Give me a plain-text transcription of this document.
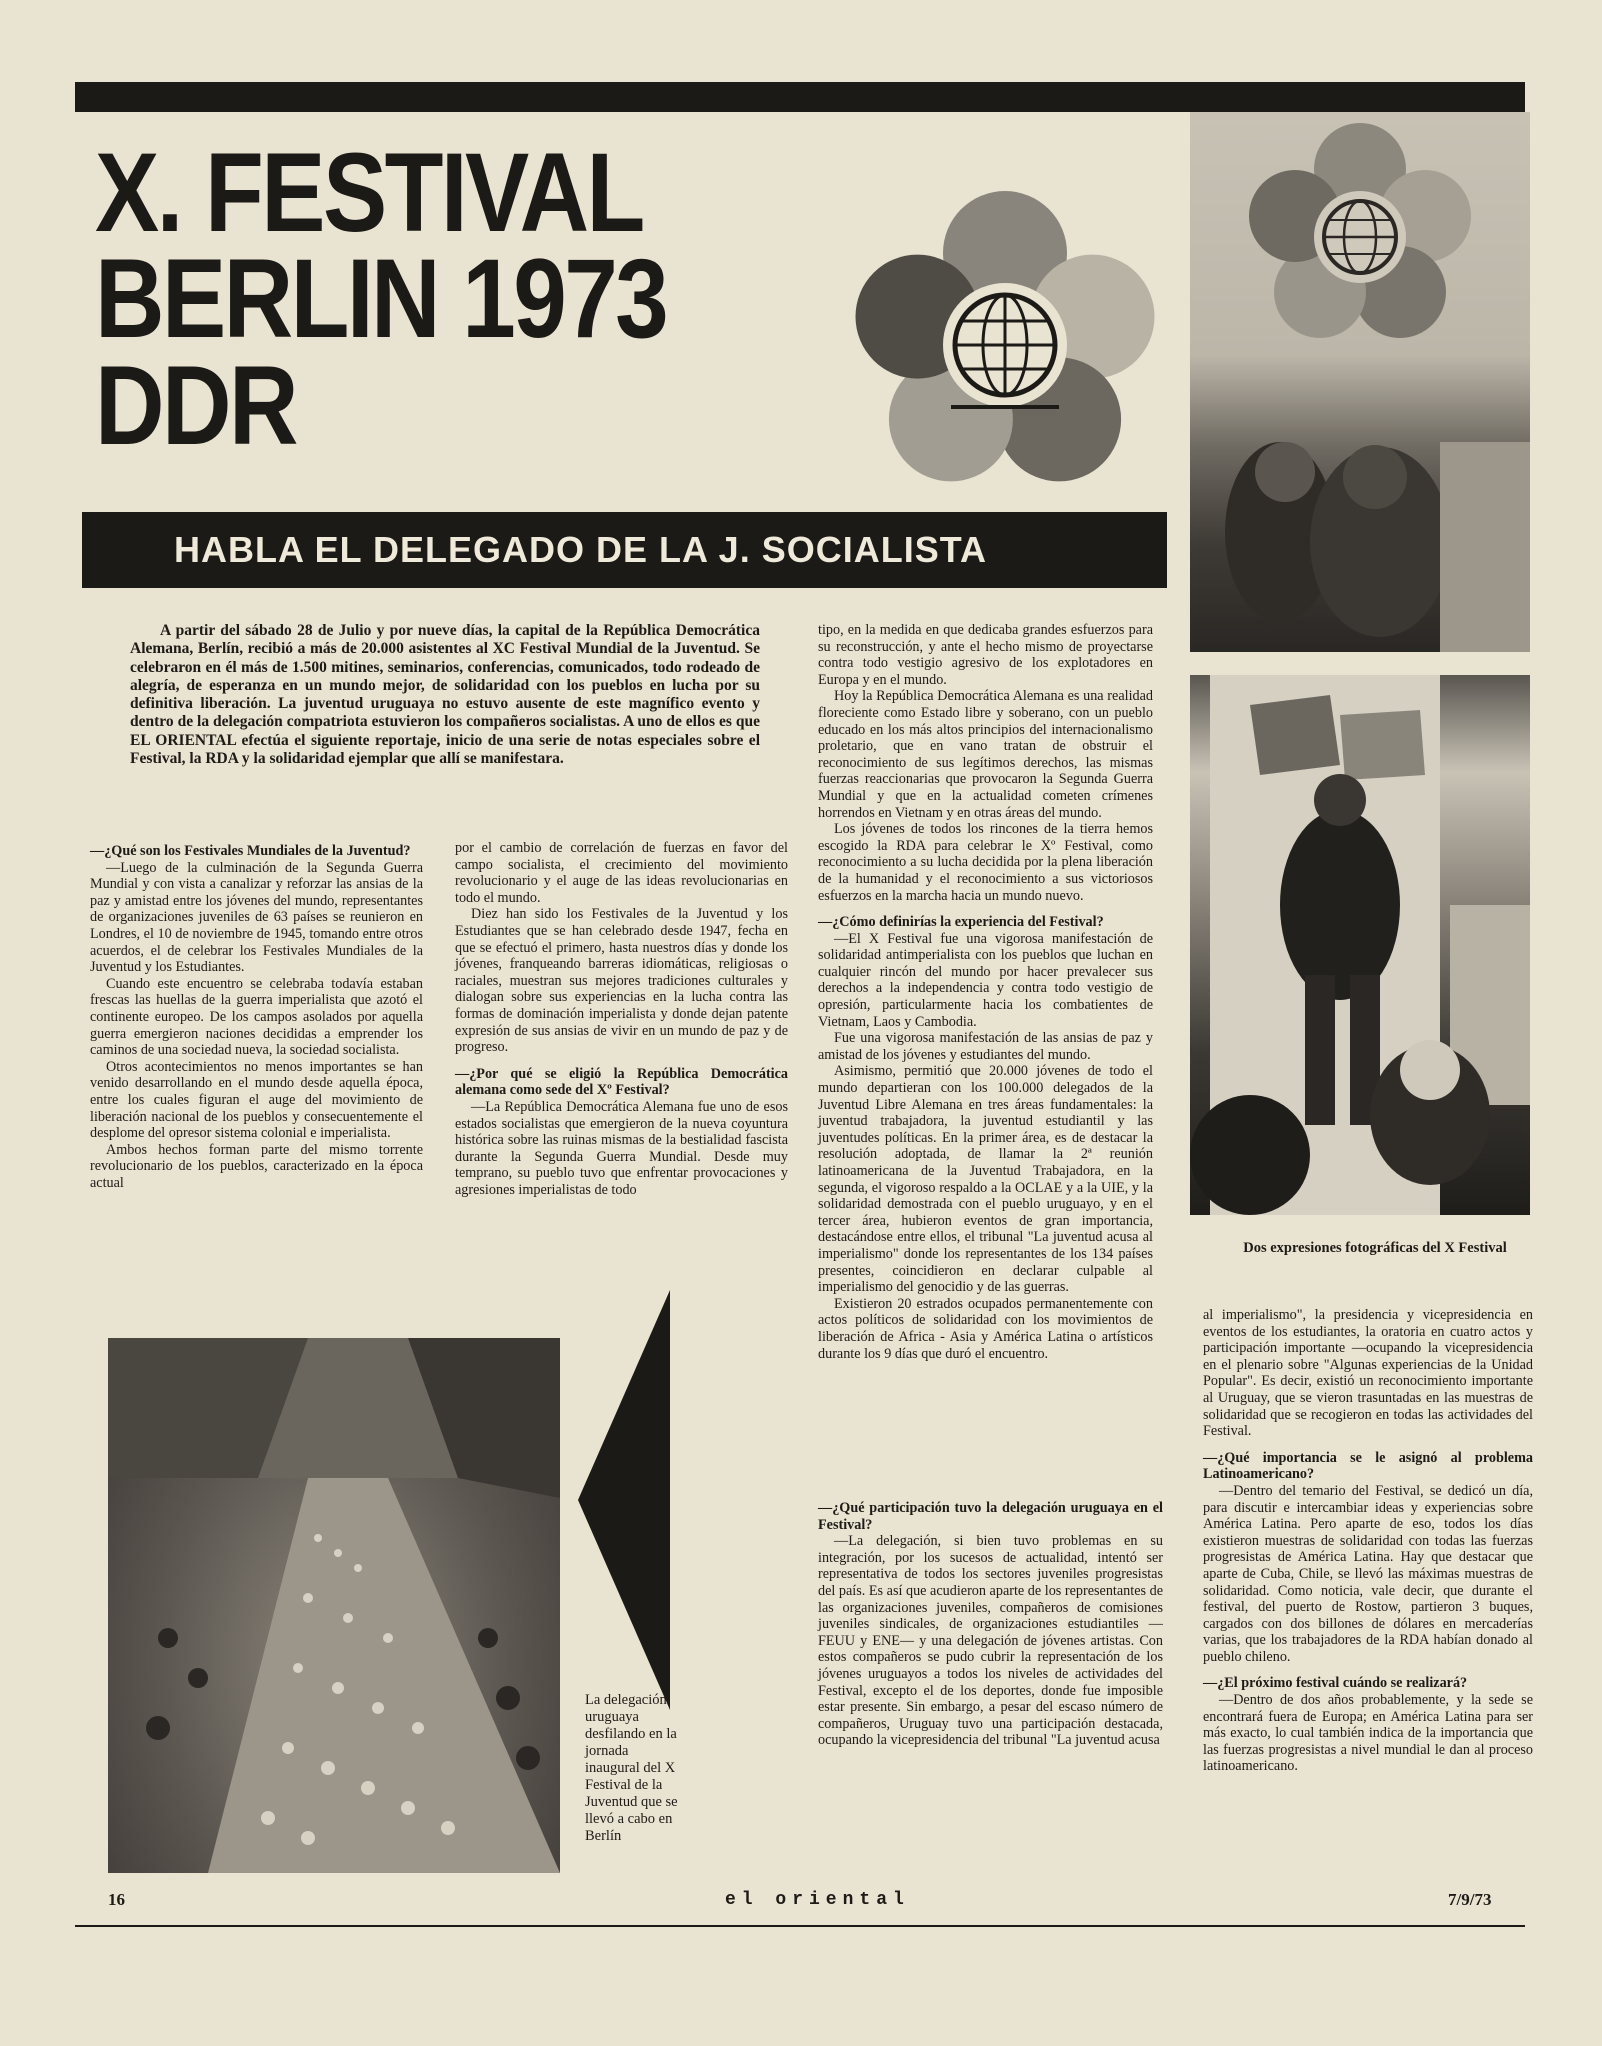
X. FESTIVAL
BERLIN 1973
DDR
Dos expresiones fotográficas del X Festival
HABLA EL DELEGADO DE LA J. SOCIALISTA

A partir del sábado 28 de Julio y por nueve días, la capital de la República Democrática Alemana, Berlín, recibió a más de 20.000 asistentes al XC Festival Mundial de la Juventud. Se celebraron en él más de 1.500 mitines, seminarios, conferencias, comunicados, todo rodeado de alegría, de esperanza en un mundo mejor, de solidaridad con los pueblos en lucha por su definitiva liberación. La juventud uruguaya no estuvo ausente de este magnífico evento y dentro de la delegación compatriota estuvieron los compañeros socialistas. A uno de ellos es que EL ORIENTAL efectúa el siguiente reportaje, inicio de una serie de notas especiales sobre el Festival, la RDA y la solidaridad ejemplar que allí se manifestara.

—¿Qué son los Festivales Mundiales de la Juventud?

—Luego de la culminación de la Segunda Guerra Mundial y con vista a canalizar y reforzar las ansias de la paz y amistad entre los jóvenes del mundo, representantes de organizaciones juveniles de 63 países se reunieron en Londres, el 10 de noviembre de 1945, tomando entre otros acuerdos, el de celebrar los Festivales Mundiales de la Juventud y los Estudiantes.

Cuando este encuentro se celebraba todavía estaban frescas las huellas de la guerra imperialista que azotó el continente europeo. De los campos asolados por aquella guerra emergieron naciones decididas a emprender los caminos de una sociedad nueva, la sociedad socialista.

Otros acontecimientos no menos importantes se han venido desarrollando en el mundo desde aquella época, entre los cuales figuran el auge del movimiento de liberación nacional de los pueblos y consecuentemente el desplome del opresor sistema colonial e imperialista.

Ambos hechos forman parte del mismo torrente revolucionario de los pueblos, caracterizado en la época actual

por el cambio de correlación de fuerzas en favor del campo socialista, el crecimiento del movimiento revolucionario y el auge de las ideas revolucionarias en todo el mundo.

Diez han sido los Festivales de la Juventud y los Estudiantes que se han celebrado desde 1947, fecha en que se efectuó el primero, hasta nuestros días y donde los jóvenes, franqueando barreras idiomáticas, religiosas o raciales, muestran sus mejores tradiciones culturales y dialogan sobre sus experiencias en la lucha contra las formas de dominación imperialista y donde dejan patente expresión de sus ansias de vivir en un mundo de paz y de progreso.

—¿Por qué se eligió la República Democrática alemana como sede del Xº Festival?

—La República Democrática Alemana fue uno de esos estados socialistas que emergieron de la nueva coyuntura histórica sobre las ruinas mismas de la bestialidad fascista durante la Segunda Guerra Mundial. Desde muy temprano, su pueblo tuvo que enfrentar provocaciones y agresiones imperialistas de todo

tipo, en la medida en que dedicaba grandes esfuerzos para su reconstrucción, y ante el hecho mismo de proyectarse contra todo vestigio agresivo de los explotadores en Europa y en el mundo.

Hoy la República Democrática Alemana es una realidad floreciente como Estado libre y soberano, con un pueblo educado en los más altos principios del internacionalismo proletario, que en vano tratan de obstruir el reconocimiento de sus legítimos derechos, las mismas fuerzas reaccionarias que provocaron la Segunda Guerra Mundial y que en la actualidad cometen crímenes horrendos en Vietnam y en otras áreas del mundo.

Los jóvenes de todos los rincones de la tierra hemos escogido la RDA para celebrar le Xº Festival, como reconocimiento a su lucha decidida por la plena liberación de la humanidad y el reconocimiento a sus victoriosos esfuerzos en la marcha hacia un mundo nuevo.

—¿Cómo definirías la experiencia del Festival?

—El X Festival fue una vigorosa manifestación de solidaridad antimperialista con los pueblos que luchan en cualquier rincón del mundo por hacer prevalecer sus derechos a la independencia y contra todo vestigio de opresión, particularmente hacia los combatientes de Vietnam, Laos y Cambodia.

Fue una vigorosa manifestación de las ansias de paz y amistad de los jóvenes y estudiantes del mundo.

Asimismo, permitió que 20.000 jóvenes de todo el mundo departieran con los 100.000 delegados de la Juventud Libre Alemana en tres áreas fundamentales: la juventud trabajadora, la juventud estudiantil y las juventudes políticas. En la primer área, es de destacar la resolución adoptada, de llamar la 2ª reunión latinoamericana de la Juventud Trabajadora, en la segunda, el vigoroso respaldo a la OCLAE y a la UIE, y la solidaridad demostrada con el pueblo uruguayo, y en el tercer área, hubieron eventos de gran importancia, destacándose entre ellos, el tribunal "La juventud acusa al imperialismo" donde los representantes de los 134 países presentes, coincidieron en declarar culpable al imperialismo del genocidio y de las guerras.

Existieron 20 estrados ocupados permanentemente con actos políticos de solidaridad con los movimientos de liberación de Africa - Asia y América Latina o artísticos durante los 9 días que duró el encuentro.

—¿Qué participación tuvo la delegación uruguaya en el Festival?

—La delegación, si bien tuvo problemas en su integración, por los sucesos de actualidad, intentó ser representativa de todos los sectores juveniles progresistas del país. Es así que acudieron aparte de los representantes de las organizaciones juveniles, compañeros de comisiones juveniles sindicales, de organizaciones estudiantiles —FEUU y ENE— y una delegación de jóvenes artistas. Con estos compañeros se pudo cubrir la representación de los jóvenes uruguayos a todos los niveles de actividades del Festival, excepto el de los deportes, donde fue imposible estar presente. Sin embargo, a pesar del escaso número de compañeros, Uruguay tuvo una participación destacada, ocupando la vicepresidencia del tribunal "La juventud acusa

al imperialismo", la presidencia y vicepresidencia en eventos de los estudiantes, la oratoria en cuatro actos y participación importante —ocupando la vicepresidencia en el plenario sobre "Algunas experiencias de la Unidad Popular". Es decir, existió un reconocimiento importante al Uruguay, que se vieron trasuntadas en las muestras de solidaridad que se recogieron en todas las actividades del Festival.

—¿Qué importancia se le asignó al problema Latinoamericano?

—Dentro del temario del Festival, se dedicó un día, para discutir e intercambiar ideas y experiencias sobre América Latina. Pero aparte de eso, todos los días existieron muestras de solidaridad con todas las fuerzas progresistas de América Latina. Hay que destacar que aparte de Cuba, Chile, se llevó las máximas muestras de solidaridad. Como noticia, vale decir, que durante el festival, del puerto de Rostow, partieron 3 buques, cargados con dos billones de dólares en mercaderías varias, que los trabajadores de la RDA habían donado al pueblo chileno.

—¿El próximo festival cuándo se realizará?

—Dentro de dos años probablemente, y la sede se encontrará fuera de Europa; en América Latina para ser más exacto, lo cual también indica de la importancia que las fuerzas progresistas a nivel mundial le dan al proceso latinoamericano.

La delegación uruguaya desfilando en la jornada inaugural del X Festival de la Juventud que se llevó a cabo en Berlín
16	el oriental	7/9/73
